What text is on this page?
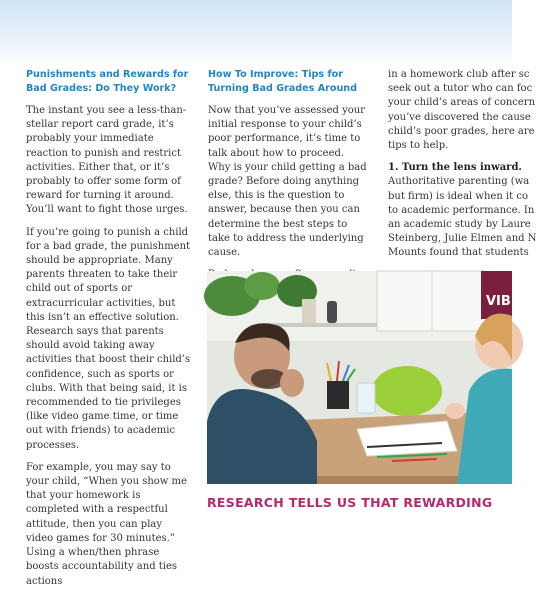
Punishments and Rewards for Bad Grades: Do They Work?

The instant you see a less-than-stellar report card grade, it’s probably your immediate reaction to punish and restrict activities. Either that, or it’s probably to offer some form of reward for turning it around. You’ll want to fight those urges.

If you’re going to punish a child for a bad grade, the punishment should be appropriate. Many parents threaten to take their child out of sports or extracurricular activities, but this isn’t an effective solution. Research says that parents should avoid taking away activities that boost their child’s confidence, such as sports or clubs. With that being said, it is recommended to tie privileges (like video game time, or time out with friends) to academic processes.

For example, you may say to your child, “When you show me that your homework is completed with a respectful attitude, then you can play video games for 30 minutes.” Using a when/then phrase boosts accountability and ties actions

How To Improve: Tips for Turning Bad Grades Around

Now that you’ve assessed your initial response to your child’s poor performance, it’s time to talk about how to proceed. Why is your child getting a bad grade? Before doing anything else, this is the question to answer, because then you can determine the best steps to take to address the underlying cause.

in a homework club after sc
seek out a tutor who can foc
your child’s areas of concern
you’ve discovered the cause
child’s poor grades, here are
tips to help.

1. Turn the lens inward.
Authoritative parenting (wa
but firm) is ideal when it co
to academic performance. In
an academic study by Laure
Steinberg, Julie Elmen and N
Mounts found that students

VIB
RESEARCH TELLS US THAT REWARDING
